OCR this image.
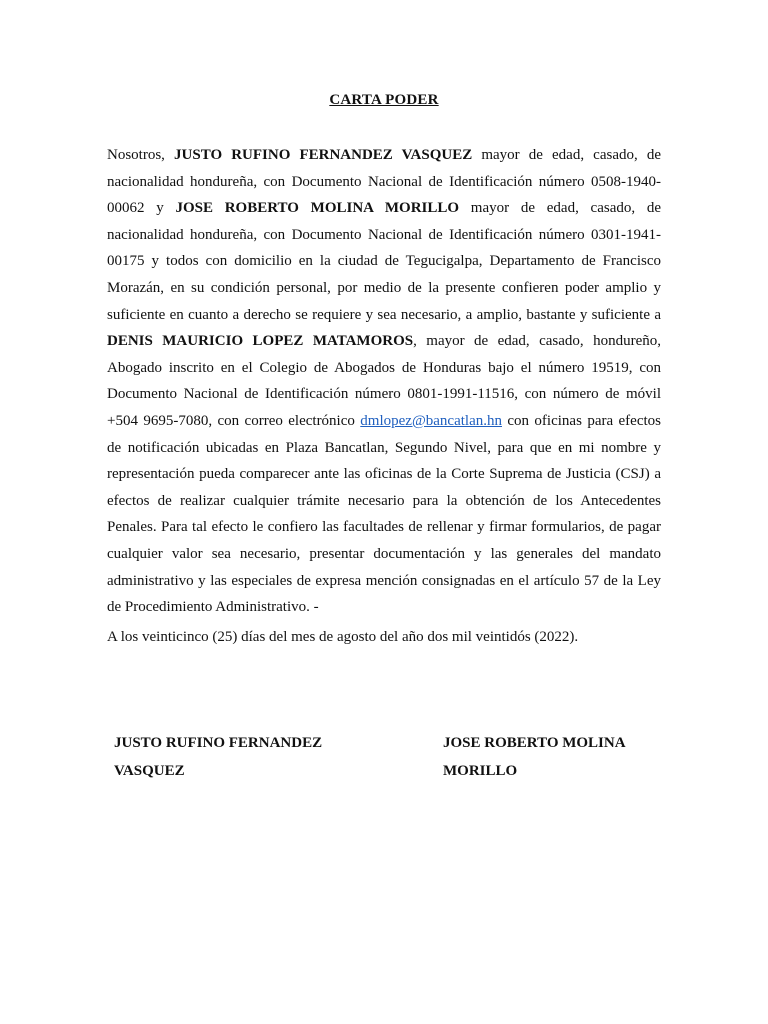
CARTA PODER

Nosotros, JUSTO RUFINO FERNANDEZ VASQUEZ mayor de edad, casado, de nacionalidad hondureña, con Documento Nacional de Identificación número 0508-1940-00062 y JOSE ROBERTO MOLINA MORILLO mayor de edad, casado, de nacionalidad hondureña, con Documento Nacional de Identificación número 0301-1941-00175 y todos con domicilio en la ciudad de Tegucigalpa, Departamento de Francisco Morazán, en su condición personal, por medio de la presente confieren poder amplio y suficiente en cuanto a derecho se requiere y sea necesario, a amplio, bastante y suficiente a DENIS MAURICIO LOPEZ MATAMOROS, mayor de edad, casado, hondureño, Abogado inscrito en el Colegio de Abogados de Honduras bajo el número 19519, con Documento Nacional de Identificación número 0801-1991-11516, con número de móvil +504 9695-7080, con correo electrónico dmlopez@bancatlan.hn con oficinas para efectos de notificación ubicadas en Plaza Bancatlan, Segundo Nivel, para que en mi nombre y representación pueda comparecer ante las oficinas de la Corte Suprema de Justicia (CSJ) a efectos de realizar cualquier trámite necesario para la obtención de los Antecedentes Penales. Para tal efecto le confiero las facultades de rellenar y firmar formularios, de pagar cualquier valor sea necesario, presentar documentación y las generales del mandato administrativo y las especiales de expresa mención consignadas en el artículo 57 de la Ley de Procedimiento Administrativo. -

A los veinticinco (25) días del mes de agosto del año dos mil veintidós (2022).

JUSTO RUFINO FERNANDEZ
VASQUEZ
JOSE ROBERTO MOLINA
MORILLO
